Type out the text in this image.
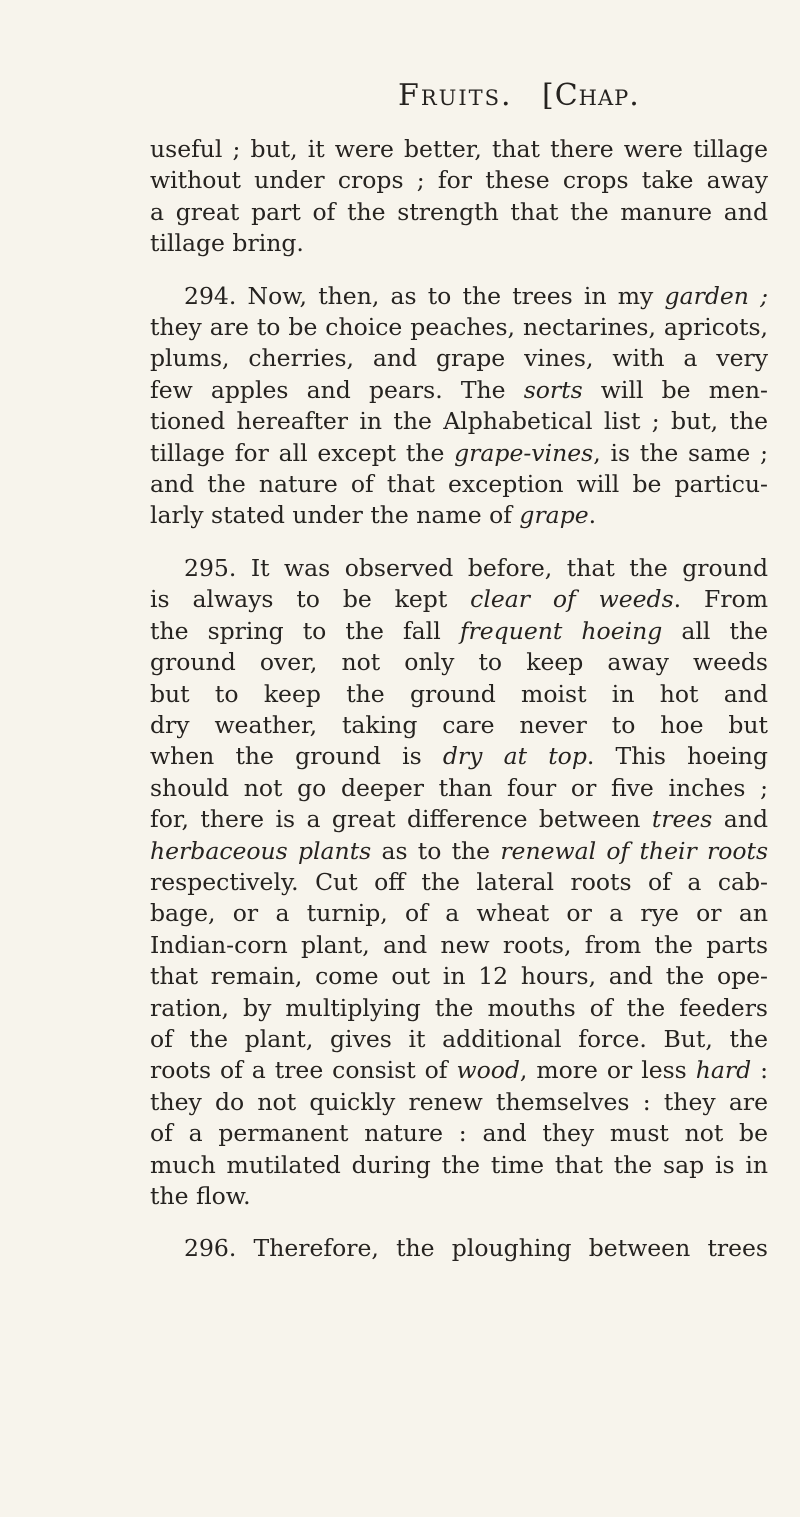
Fruits. [Chap.
useful ; but, it were better, that there were tillage
without under crops ; for these crops take away
a great part of the strength that the manure and
tillage bring.
294. Now, then, as to the trees in my garden ;
they are to be choice peaches, nectarines, apricots,
plums, cherries, and grape vines, with a very
few apples and pears. The sorts will be men-
tioned hereafter in the Alphabetical list ; but, the
tillage for all except the grape-vines, is the same ;
and the nature of that exception will be particu-
larly stated under the name of grape.
295. It was observed before, that the ground
is always to be kept clear of weeds. From
the spring to the fall frequent hoeing all the
ground over, not only to keep away weeds
but to keep the ground moist in hot and
dry weather, taking care never to hoe but
when the ground is dry at top. This hoeing
should not go deeper than four or five inches ;
for, there is a great difference between trees and
herbaceous plants as to the renewal of their roots
respectively. Cut off the lateral roots of a cab-
bage, or a turnip, of a wheat or a rye or an
Indian-corn plant, and new roots, from the parts
that remain, come out in 12 hours, and the ope-
ration, by multiplying the mouths of the feeders
of the plant, gives it additional force. But, the
roots of a tree consist of wood, more or less hard :
they do not quickly renew themselves : they are
of a permanent nature : and they must not be
much mutilated during the time that the sap is in
the flow.
296. Therefore, the ploughing between trees
